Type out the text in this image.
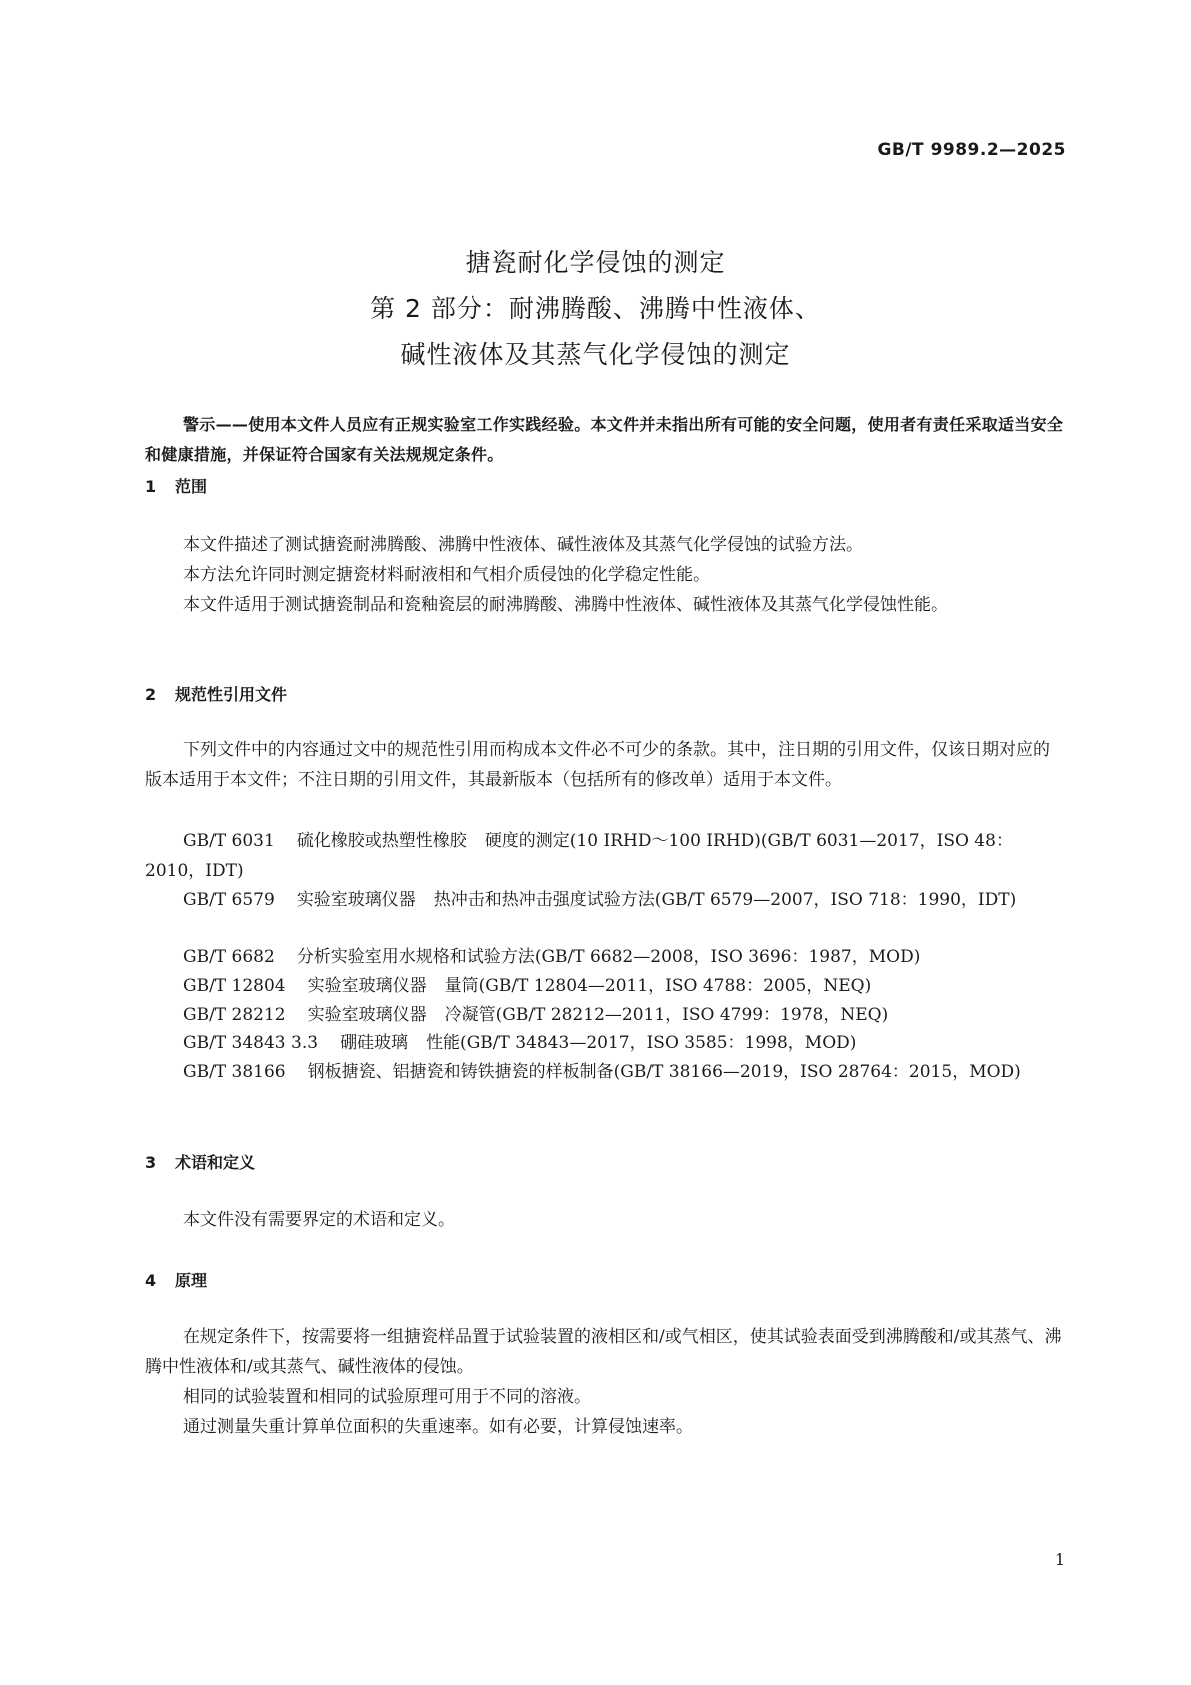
GB/T 9989.2—2025
搪瓷耐化学侵蚀的测定
第 2 部分：耐沸腾酸、沸腾中性液体、
碱性液体及其蒸气化学侵蚀的测定
警示——使用本文件人员应有正规实验室工作实践经验。本文件并未指出所有可能的安全问题，使用者有责任采取适当安全和健康措施，并保证符合国家有关法规规定条件。
1 范围
本文件描述了测试搪瓷耐沸腾酸、沸腾中性液体、碱性液体及其蒸气化学侵蚀的试验方法。
本方法允许同时测定搪瓷材料耐液相和气相介质侵蚀的化学稳定性能。
本文件适用于测试搪瓷制品和瓷釉瓷层的耐沸腾酸、沸腾中性液体、碱性液体及其蒸气化学侵蚀性能。
2 规范性引用文件
下列文件中的内容通过文中的规范性引用而构成本文件必不可少的条款。其中，注日期的引用文件，仅该日期对应的版本适用于本文件；不注日期的引用文件，其最新版本（包括所有的修改单）适用于本文件。
GB/T 6031 硫化橡胶或热塑性橡胶 硬度的测定(10 IRHD～100 IRHD)(GB/T 6031—2017，ISO 48：2010，IDT)
GB/T 6579 实验室玻璃仪器 热冲击和热冲击强度试验方法(GB/T 6579—2007，ISO 718：1990，IDT)
GB/T 6682 分析实验室用水规格和试验方法(GB/T 6682—2008，ISO 3696：1987，MOD)
GB/T 12804 实验室玻璃仪器 量筒(GB/T 12804—2011，ISO 4788：2005，NEQ)
GB/T 28212 实验室玻璃仪器 冷凝管(GB/T 28212—2011，ISO 4799：1978，NEQ)
GB/T 34843 3.3 硼硅玻璃 性能(GB/T 34843—2017，ISO 3585：1998，MOD)
GB/T 38166 钢板搪瓷、铝搪瓷和铸铁搪瓷的样板制备(GB/T 38166—2019，ISO 28764：2015，MOD)
3 术语和定义
本文件没有需要界定的术语和定义。
4 原理
在规定条件下，按需要将一组搪瓷样品置于试验装置的液相区和/或气相区，使其试验表面受到沸腾酸和/或其蒸气、沸腾中性液体和/或其蒸气、碱性液体的侵蚀。
相同的试验装置和相同的试验原理可用于不同的溶液。
通过测量失重计算单位面积的失重速率。如有必要，计算侵蚀速率。
1
